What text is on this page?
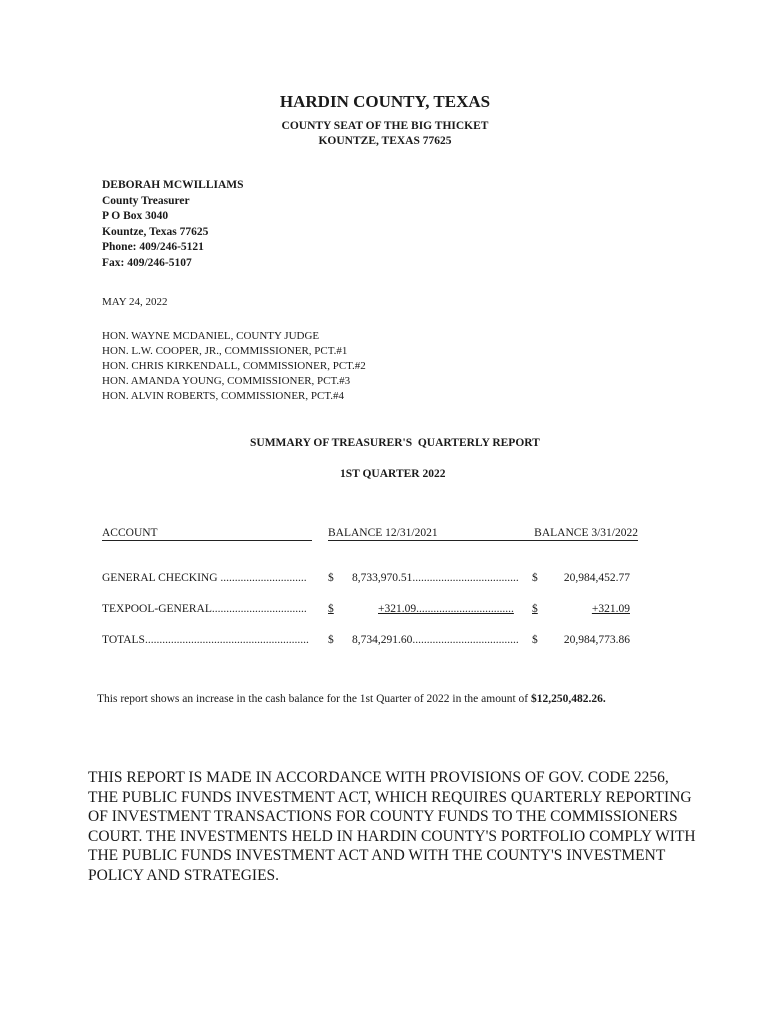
HARDIN COUNTY, TEXAS
COUNTY SEAT OF THE BIG THICKET
KOUNTZE, TEXAS 77625
DEBORAH MCWILLIAMS
County Treasurer
P O Box 3040
Kountze, Texas 77625
Phone: 409/246-5121
Fax: 409/246-5107
MAY 24, 2022
HON. WAYNE MCDANIEL, COUNTY JUDGE
HON. L.W. COOPER, JR., COMMISSIONER, PCT.#1
HON. CHRIS KIRKENDALL, COMMISSIONER, PCT.#2
HON. AMANDA YOUNG, COMMISSIONER, PCT.#3
HON. ALVIN ROBERTS, COMMISSIONER, PCT.#4
SUMMARY OF TREASURER'S  QUARTERLY REPORT
1ST QUARTER 2022
ACCOUNT	BALANCE 12/31/2021	BALANCE 3/31/2022
GENERAL CHECKING ..............................	$	8,733,970.51.....................................	$	20,984,452.77
TEXPOOL-GENERAL.................................	$	+321.09..................................	$	+321.09
TOTALS.........................................................	$	8,734,291.60.....................................	$	20,984,773.86
This report shows an increase in the cash balance for the 1st Quarter of 2022 in the amount of $12,250,482.26.
THIS REPORT IS MADE IN ACCORDANCE WITH PROVISIONS OF GOV. CODE 2256, THE PUBLIC FUNDS INVESTMENT ACT, WHICH REQUIRES QUARTERLY REPORTING OF INVESTMENT TRANSACTIONS FOR COUNTY FUNDS TO THE COMMISSIONERS COURT. THE INVESTMENTS HELD IN HARDIN COUNTY'S PORTFOLIO COMPLY WITH THE PUBLIC FUNDS INVESTMENT ACT AND WITH THE COUNTY'S INVESTMENT POLICY AND STRATEGIES.
